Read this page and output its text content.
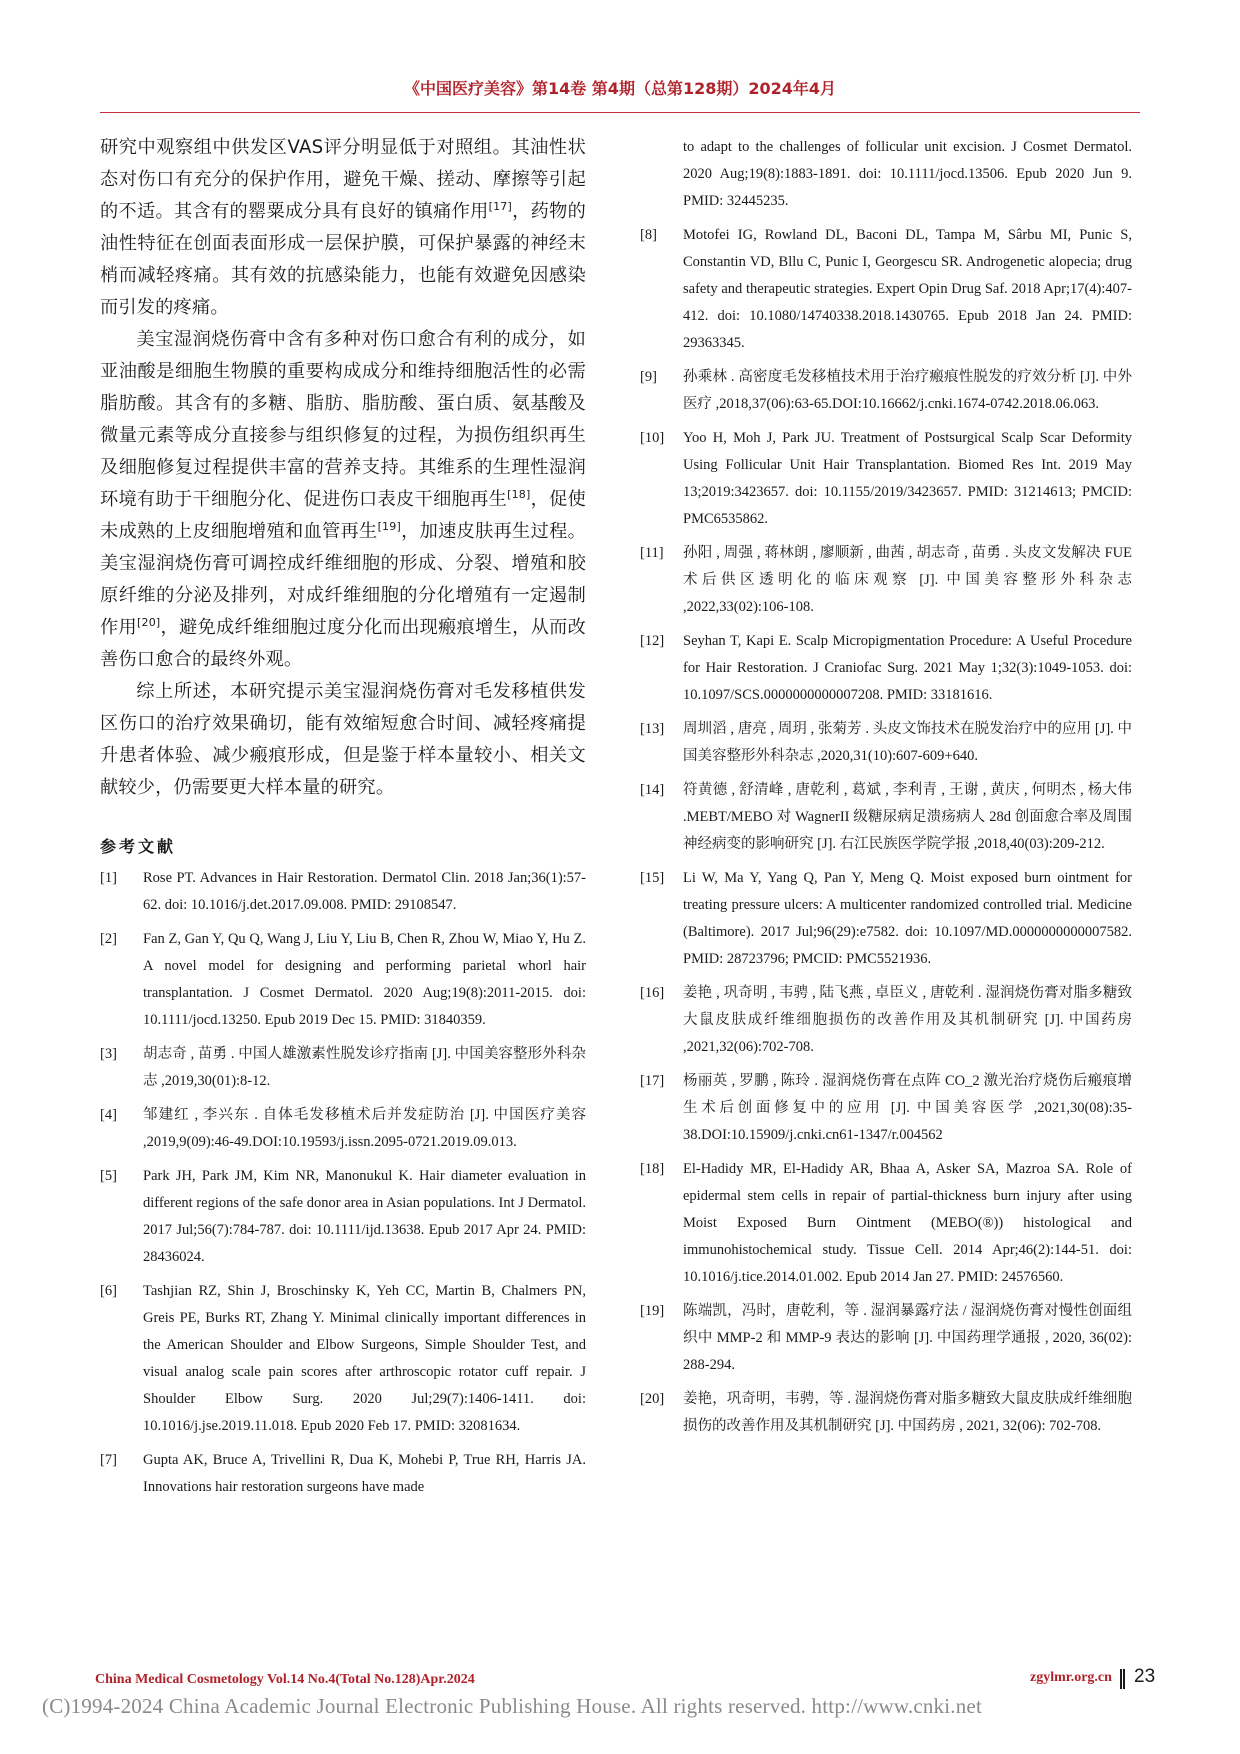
《中国医疗美容》第14卷 第4期（总第128期）2024年4月

研究中观察组中供发区VAS评分明显低于对照组。其油性状态对伤口有充分的保护作用，避免干燥、搓动、摩擦等引起的不适。其含有的罂粟成分具有良好的镇痛作用[17]，药物的油性特征在创面表面形成一层保护膜，可保护暴露的神经末梢而减轻疼痛。其有效的抗感染能力，也能有效避免因感染而引发的疼痛。

美宝湿润烧伤膏中含有多种对伤口愈合有利的成分，如亚油酸是细胞生物膜的重要构成成分和维持细胞活性的必需脂肪酸。其含有的多糖、脂肪、脂肪酸、蛋白质、氨基酸及微量元素等成分直接参与组织修复的过程，为损伤组织再生及细胞修复过程提供丰富的营养支持。其维系的生理性湿润环境有助于干细胞分化、促进伤口表皮干细胞再生[18]，促使未成熟的上皮细胞增殖和血管再生[19]，加速皮肤再生过程。美宝湿润烧伤膏可调控成纤维细胞的形成、分裂、增殖和胶原纤维的分泌及排列，对成纤维细胞的分化增殖有一定遏制作用[20]，避免成纤维细胞过度分化而出现瘢痕增生，从而改善伤口愈合的最终外观。

综上所述，本研究提示美宝湿润烧伤膏对毛发移植供发区伤口的治疗效果确切，能有效缩短愈合时间、减轻疼痛提升患者体验、减少瘢痕形成，但是鉴于样本量较小、相关文献较少，仍需要更大样本量的研究。

参考文献
[1]	Rose PT. Advances in Hair Restoration. Dermatol Clin. 2018 Jan;36(1):57-62. doi: 10.1016/j.det.2017.09.008. PMID: 29108547.
[2]	Fan Z, Gan Y, Qu Q, Wang J, Liu Y, Liu B, Chen R, Zhou W, Miao Y, Hu Z. A novel model for designing and performing parietal whorl hair transplantation. J Cosmet Dermatol. 2020 Aug;19(8):2011-2015. doi: 10.1111/jocd.13250. Epub 2019 Dec 15. PMID: 31840359.
[3]	胡志奇 , 苗勇 . 中国人雄激素性脱发诊疗指南 [J]. 中国美容整形外科杂志 ,2019,30(01):8-12.
[4]	邹建红 , 李兴东 . 自体毛发移植术后并发症防治 [J]. 中国医疗美容 ,2019,9(09):46-49.DOI:10.19593/j.issn.2095-0721.2019.09.013.
[5]	Park JH, Park JM, Kim NR, Manonukul K. Hair diameter evaluation in different regions of the safe donor area in Asian populations. Int J Dermatol. 2017 Jul;56(7):784-787. doi: 10.1111/ijd.13638. Epub 2017 Apr 24. PMID: 28436024.
[6]	Tashjian RZ, Shin J, Broschinsky K, Yeh CC, Martin B, Chalmers PN, Greis PE, Burks RT, Zhang Y. Minimal clinically important differences in the American Shoulder and Elbow Surgeons, Simple Shoulder Test, and visual analog scale pain scores after arthroscopic rotator cuff repair. J Shoulder Elbow Surg. 2020 Jul;29(7):1406-1411. doi: 10.1016/j.jse.2019.11.018. Epub 2020 Feb 17. PMID: 32081634.
[7]	Gupta AK, Bruce A, Trivellini R, Dua K, Mohebi P, True RH, Harris JA. Innovations hair restoration surgeons have made
to adapt to the challenges of follicular unit excision. J Cosmet Dermatol. 2020 Aug;19(8):1883-1891. doi: 10.1111/jocd.13506. Epub 2020 Jun 9. PMID: 32445235.
[8]	Motofei IG, Rowland DL, Baconi DL, Tampa M, Sârbu MI, Punic S, Constantin VD, Bllu C, Punic I, Georgescu SR. Androgenetic alopecia; drug safety and therapeutic strategies. Expert Opin Drug Saf. 2018 Apr;17(4):407-412. doi: 10.1080/14740338.2018.1430765. Epub 2018 Jan 24. PMID: 29363345.
[9]	孙乘林 . 高密度毛发移植技术用于治疗瘢痕性脱发的疗效分析 [J]. 中外医疗 ,2018,37(06):63-65.DOI:10.16662/j.cnki.1674-0742.2018.06.063.
[10]	Yoo H, Moh J, Park JU. Treatment of Postsurgical Scalp Scar Deformity Using Follicular Unit Hair Transplantation. Biomed Res Int. 2019 May 13;2019:3423657. doi: 10.1155/2019/3423657. PMID: 31214613; PMCID: PMC6535862.
[11]	孙阳 , 周强 , 蒋林朗 , 廖顺新 , 曲茜 , 胡志奇 , 苗勇 . 头皮文发解决 FUE 术后供区透明化的临床观察 [J]. 中国美容整形外科杂志 ,2022,33(02):106-108.
[12]	Seyhan T, Kapi E. Scalp Micropigmentation Procedure: A Useful Procedure for Hair Restoration. J Craniofac Surg. 2021 May 1;32(3):1049-1053. doi: 10.1097/SCS.0000000000007208. PMID: 33181616.
[13]	周圳滔 , 唐亮 , 周玥 , 张菊芳 . 头皮文饰技术在脱发治疗中的应用 [J]. 中国美容整形外科杂志 ,2020,31(10):607-609+640.
[14]	符黄德 , 舒清峰 , 唐乾利 , 葛斌 , 李利青 , 王谢 , 黄庆 , 何明杰 , 杨大伟 .MEBT/MEBO 对 WagnerII 级糖尿病足溃疡病人 28d 创面愈合率及周围神经病变的影响研究 [J]. 右江民族医学院学报 ,2018,40(03):209-212.
[15]	Li W, Ma Y, Yang Q, Pan Y, Meng Q. Moist exposed burn ointment for treating pressure ulcers: A multicenter randomized controlled trial. Medicine (Baltimore). 2017 Jul;96(29):e7582. doi: 10.1097/MD.0000000000007582. PMID: 28723796; PMCID: PMC5521936.
[16]	姜艳 , 巩奇明 , 韦骋 , 陆飞燕 , 卓臣义 , 唐乾利 . 湿润烧伤膏对脂多糖致大鼠皮肤成纤维细胞损伤的改善作用及其机制研究 [J]. 中国药房 ,2021,32(06):702-708.
[17]	杨丽英 , 罗鹏 , 陈玲 . 湿润烧伤膏在点阵 CO_2 激光治疗烧伤后瘢痕增生术后创面修复中的应用 [J]. 中国美容医学 ,2021,30(08):35-38.DOI:10.15909/j.cnki.cn61-1347/r.004562
[18]	El-Hadidy MR, El-Hadidy AR, Bhaa A, Asker SA, Mazroa SA. Role of epidermal stem cells in repair of partial-thickness burn injury after using Moist Exposed Burn Ointment (MEBO(®)) histological and immunohistochemical study. Tissue Cell. 2014 Apr;46(2):144-51. doi: 10.1016/j.tice.2014.01.002. Epub 2014 Jan 27. PMID: 24576560.
[19]	陈端凯，冯时，唐乾利，等 . 湿润暴露疗法 / 湿润烧伤膏对慢性创面组织中 MMP-2 和 MMP-9 表达的影响 [J]. 中国药理学通报 , 2020, 36(02): 288-294.
[20]	姜艳，巩奇明，韦骋，等 . 湿润烧伤膏对脂多糖致大鼠皮肤成纤维细胞损伤的改善作用及其机制研究 [J]. 中国药房 , 2021, 32(06): 702-708.
China Medical Cosmetology Vol.14 No.4(Total No.128)Apr.2024	zgylmr.org.cn 23
(C)1994-2024 China Academic Journal Electronic Publishing House. All rights reserved. http://www.cnki.net
